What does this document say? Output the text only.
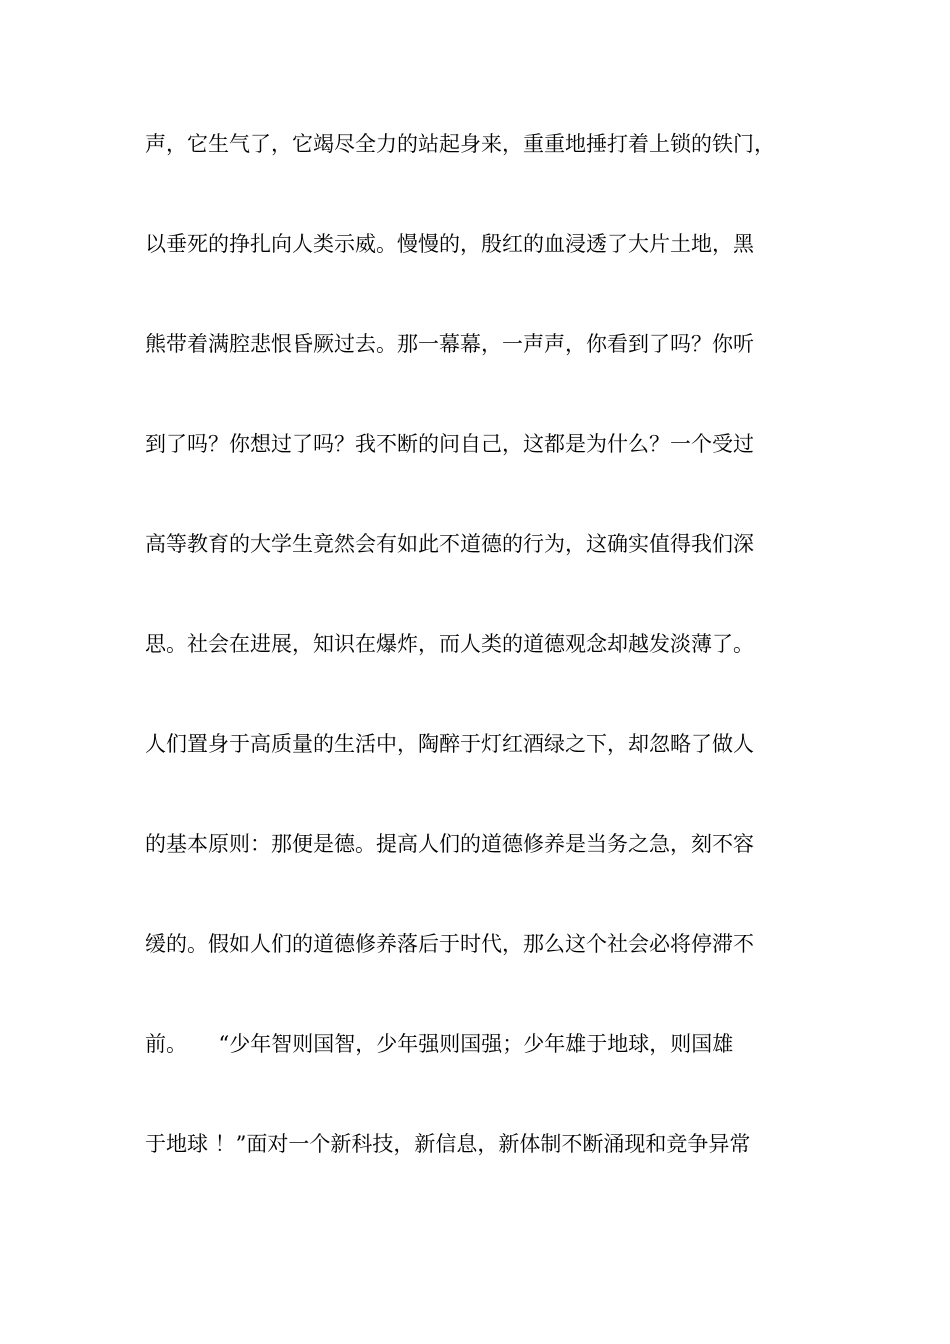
声，它生气了，它竭尽全力的站起身来，重重地捶打着上锁的铁门，
以垂死的挣扎向人类示威。慢慢的，殷红的血浸透了大片土地，黑
熊带着满腔悲恨昏厥过去。那一幕幕，一声声，你看到了吗？你听
到了吗？你想过了吗？我不断的问自己，这都是为什么？一个受过
高等教育的大学生竟然会有如此不道德的行为，这确实值得我们深
思。社会在进展，知识在爆炸，而人类的道德观念却越发淡薄了。
人们置身于高质量的生活中，陶醉于灯红酒绿之下，却忽略了做人
的基本原则：那便是德。提高人们的道德修养是当务之急，刻不容
缓的。假如人们的道德修养落后于时代，那么这个社会必将停滞不
前。　　“少年智则国智，少年强则国强；少年雄于地球，则国雄
于地球 ！”面对一个新科技，新信息，新体制不断涌现和竞争异常
